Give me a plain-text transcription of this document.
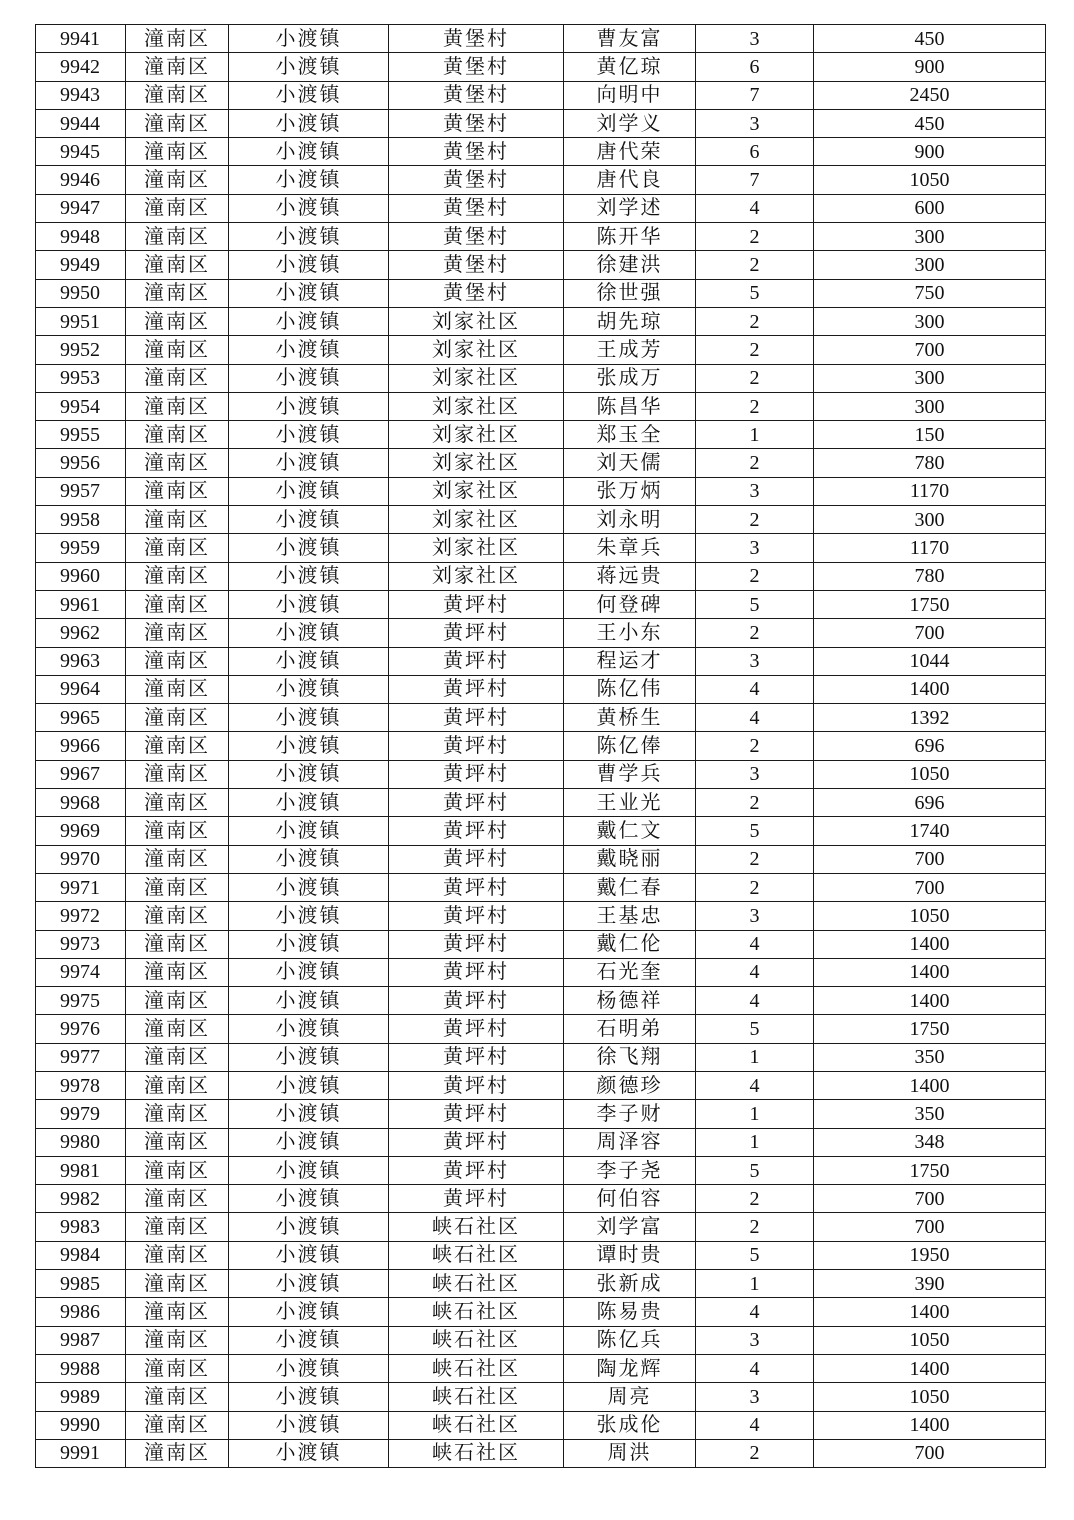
9941	潼南区	小渡镇	黄堡村	曹友富	3	450
9942	潼南区	小渡镇	黄堡村	黄亿琼	6	900
9943	潼南区	小渡镇	黄堡村	向明中	7	2450
9944	潼南区	小渡镇	黄堡村	刘学义	3	450
9945	潼南区	小渡镇	黄堡村	唐代荣	6	900
9946	潼南区	小渡镇	黄堡村	唐代良	7	1050
9947	潼南区	小渡镇	黄堡村	刘学述	4	600
9948	潼南区	小渡镇	黄堡村	陈开华	2	300
9949	潼南区	小渡镇	黄堡村	徐建洪	2	300
9950	潼南区	小渡镇	黄堡村	徐世强	5	750
9951	潼南区	小渡镇	刘家社区	胡先琼	2	300
9952	潼南区	小渡镇	刘家社区	王成芳	2	700
9953	潼南区	小渡镇	刘家社区	张成万	2	300
9954	潼南区	小渡镇	刘家社区	陈昌华	2	300
9955	潼南区	小渡镇	刘家社区	郑玉全	1	150
9956	潼南区	小渡镇	刘家社区	刘天儒	2	780
9957	潼南区	小渡镇	刘家社区	张万炳	3	1170
9958	潼南区	小渡镇	刘家社区	刘永明	2	300
9959	潼南区	小渡镇	刘家社区	朱章兵	3	1170
9960	潼南区	小渡镇	刘家社区	蒋远贵	2	780
9961	潼南区	小渡镇	黄坪村	何登碑	5	1750
9962	潼南区	小渡镇	黄坪村	王小东	2	700
9963	潼南区	小渡镇	黄坪村	程运才	3	1044
9964	潼南区	小渡镇	黄坪村	陈亿伟	4	1400
9965	潼南区	小渡镇	黄坪村	黄桥生	4	1392
9966	潼南区	小渡镇	黄坪村	陈亿俸	2	696
9967	潼南区	小渡镇	黄坪村	曹学兵	3	1050
9968	潼南区	小渡镇	黄坪村	王业光	2	696
9969	潼南区	小渡镇	黄坪村	戴仁文	5	1740
9970	潼南区	小渡镇	黄坪村	戴晓丽	2	700
9971	潼南区	小渡镇	黄坪村	戴仁春	2	700
9972	潼南区	小渡镇	黄坪村	王基忠	3	1050
9973	潼南区	小渡镇	黄坪村	戴仁伦	4	1400
9974	潼南区	小渡镇	黄坪村	石光奎	4	1400
9975	潼南区	小渡镇	黄坪村	杨德祥	4	1400
9976	潼南区	小渡镇	黄坪村	石明弟	5	1750
9977	潼南区	小渡镇	黄坪村	徐飞翔	1	350
9978	潼南区	小渡镇	黄坪村	颜德珍	4	1400
9979	潼南区	小渡镇	黄坪村	李子财	1	350
9980	潼南区	小渡镇	黄坪村	周泽容	1	348
9981	潼南区	小渡镇	黄坪村	李子尧	5	1750
9982	潼南区	小渡镇	黄坪村	何伯容	2	700
9983	潼南区	小渡镇	峡石社区	刘学富	2	700
9984	潼南区	小渡镇	峡石社区	谭时贵	5	1950
9985	潼南区	小渡镇	峡石社区	张新成	1	390
9986	潼南区	小渡镇	峡石社区	陈易贵	4	1400
9987	潼南区	小渡镇	峡石社区	陈亿兵	3	1050
9988	潼南区	小渡镇	峡石社区	陶龙辉	4	1400
9989	潼南区	小渡镇	峡石社区	周亮	3	1050
9990	潼南区	小渡镇	峡石社区	张成伦	4	1400
9991	潼南区	小渡镇	峡石社区	周洪	2	700
